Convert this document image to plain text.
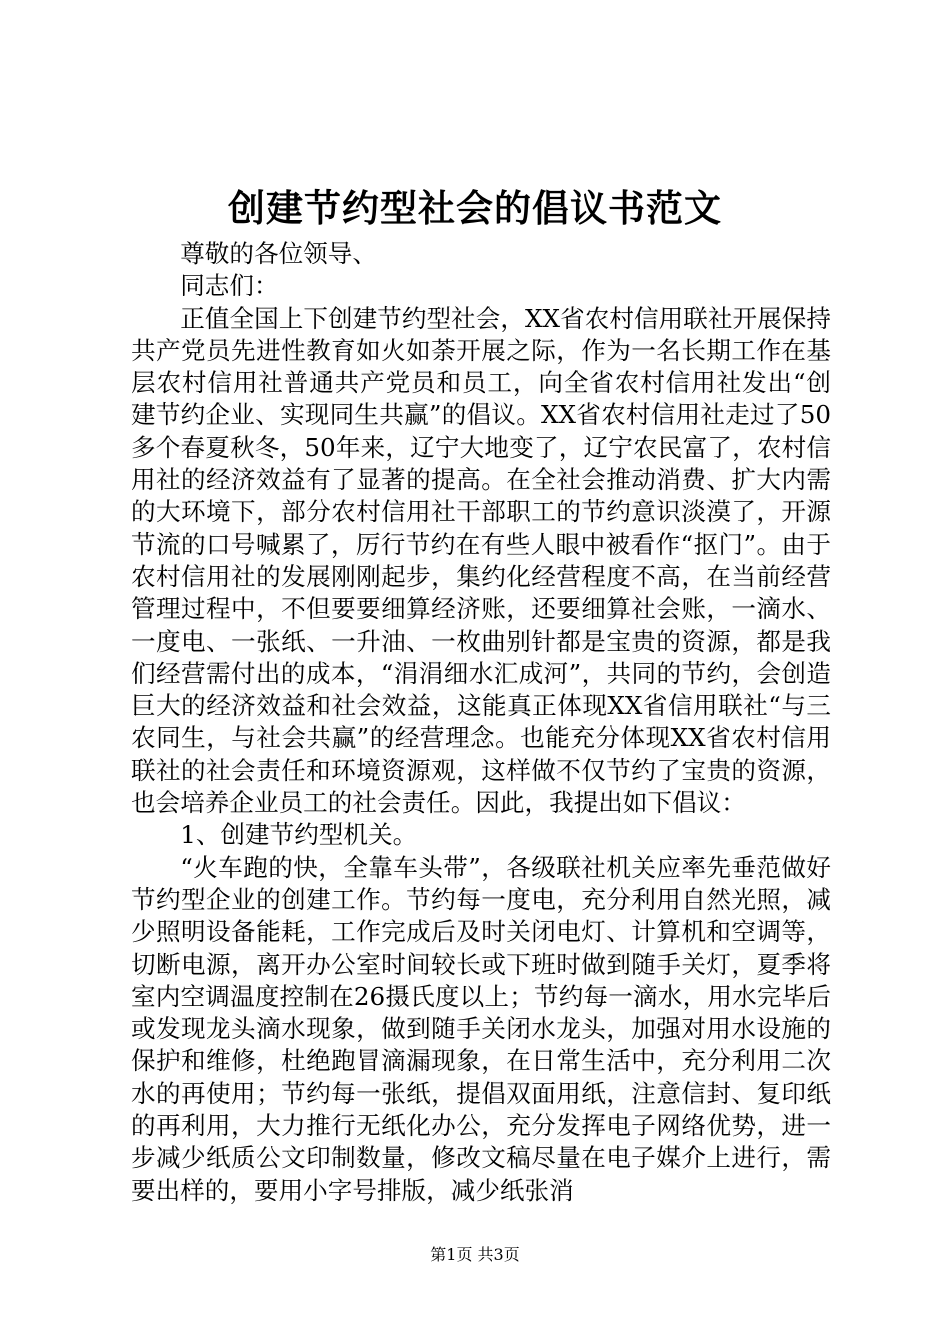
创建节约型社会的倡议书范文

尊敬的各位领导、

同志们：

正值全国上下创建节约型社会，XX省农村信用联社开展保持共产党员先进性教育如火如荼开展之际，作为一名长期工作在基层农村信用社普通共产党员和员工，向全省农村信用社发出“创建节约企业、实现同生共赢”的倡议。XX省农村信用社走过了50多个春夏秋冬，50年来，辽宁大地变了，辽宁农民富了，农村信用社的经济效益有了显著的提高。在全社会推动消费、扩大内需的大环境下，部分农村信用社干部职工的节约意识淡漠了，开源节流的口号喊累了，厉行节约在有些人眼中被看作“抠门”。由于农村信用社的发展刚刚起步，集约化经营程度不高，在当前经营管理过程中，不但要要细算经济账，还要细算社会账，一滴水、一度电、一张纸、一升油、一枚曲别针都是宝贵的资源，都是我们经营需付出的成本，“涓涓细水汇成河”，共同的节约，会创造巨大的经济效益和社会效益，这能真正体现XX省信用联社“与三农同生，与社会共赢”的经营理念。也能充分体现XX省农村信用联社的社会责任和环境资源观，这样做不仅节约了宝贵的资源，也会培养企业员工的社会责任。因此，我提出如下倡议：

1、创建节约型机关。

“火车跑的快，全靠车头带”，各级联社机关应率先垂范做好节约型企业的创建工作。节约每一度电，充分利用自然光照，减少照明设备能耗，工作完成后及时关闭电灯、计算机和空调等，切断电源，离开办公室时间较长或下班时做到随手关灯，夏季将室内空调温度控制在26摄氏度以上；节约每一滴水，用水完毕后或发现龙头滴水现象，做到随手关闭水龙头，加强对用水设施的保护和维修，杜绝跑冒滴漏现象，在日常生活中，充分利用二次水的再使用；节约每一张纸，提倡双面用纸，注意信封、复印纸的再利用，大力推行无纸化办公，充分发挥电子网络优势，进一步减少纸质公文印制数量，修改文稿尽量在电子媒介上进行，需要出样的，要用小字号排版，减少纸张消

第1页 共3页
